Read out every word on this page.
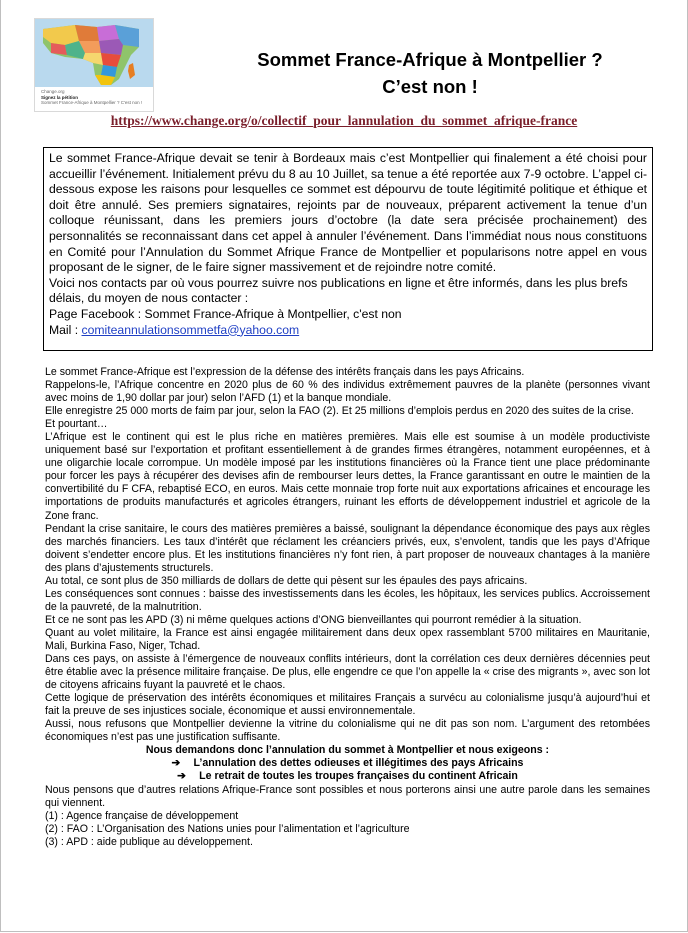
Change.org
Signez la pétition
Sommet France-Afrique à Montpellier ? C'est non !
Sommet France-Afrique à Montpellier ?
C’est non !
https://www.change.org/o/collectif_pour_lannulation_du_sommet_afrique-france

Le sommet France-Afrique devait se tenir à Bordeaux mais c’est Montpellier qui finalement a été choisi pour accueillir l’événement. Initialement prévu du 8 au 10 Juillet, sa tenue a été reportée aux 7-9 octobre. L’appel ci-dessous expose les raisons pour lesquelles ce sommet est dépourvu de toute légitimité politique et éthique et doit être annulé. Ses premiers signataires, rejoints par de nouveaux, préparent activement la tenue d’un colloque réunissant, dans les premiers jours d’octobre (la date sera précisée prochainement) des personnalités se reconnaissant dans cet appel à annuler l’événement. Dans l’immédiat nous nous constituons en Comité pour l’Annulation du Sommet Afrique France de Montpellier et popularisons notre appel en vous proposant de le signer, de le faire signer massivement et de rejoindre notre comité.

Voici nos contacts par où vous pourrez suivre nos publications en ligne et être informés, dans les plus brefs délais, du moyen de nous contacter :

Page Facebook : Sommet France-Afrique à Montpellier, c'est non

Mail : comiteannulationsommetfa@yahoo.com

Le sommet France-Afrique est l’expression de la défense des intérêts français dans les pays Africains.

Rappelons-le, l’Afrique concentre en 2020 plus de 60 % des individus extrêmement pauvres de la planète (personnes vivant avec moins de 1,90 dollar par jour) selon l’AFD (1) et la banque mondiale.

Elle enregistre 25 000 morts de faim par jour, selon la FAO (2). Et 25 millions d’emplois perdus en 2020 des suites de la crise.

Et pourtant…

L’Afrique est le continent qui est le plus riche en matières premières. Mais elle est soumise à un modèle productiviste uniquement basé sur l’exportation et profitant essentiellement à de grandes firmes étrangères, notamment européennes, et à une oligarchie locale corrompue. Un modèle imposé par les institutions financières où la France tient une place prédominante pour forcer les pays à récupérer des devises afin de rembourser leurs dettes, la France garantissant en outre le maintien de la convertibilité du F CFA, rebaptisé ECO, en euros. Mais cette monnaie trop forte nuit aux exportations africaines et encourage les importations de produits manufacturés et agricoles étrangers, ruinant les efforts de développement industriel et agricole de la Zone franc.

Pendant la crise sanitaire, le cours des matières premières a baissé, soulignant la dépendance économique des pays aux règles des marchés financiers. Les taux d’intérêt que réclament les créanciers privés, eux, s’envolent, tandis que les pays d’Afrique doivent s’endetter encore plus. Et les institutions financières n’y font rien, à part proposer de nouveaux chantages à la manière des plans d’ajustements structurels.

Au total, ce sont plus de 350 milliards de dollars de dette qui pèsent sur les épaules des pays africains.

Les conséquences sont connues : baisse des investissements dans les écoles, les hôpitaux, les services publics. Accroissement de la pauvreté, de la malnutrition.

Et ce ne sont pas les APD (3) ni même quelques actions d’ONG bienveillantes qui pourront remédier à la situation.

Quant au volet militaire, la France est ainsi engagée militairement dans deux opex rassemblant 5700 militaires en Mauritanie, Mali, Burkina Faso, Niger, Tchad.

Dans ces pays, on assiste à l’émergence de nouveaux conflits intérieurs, dont la corrélation ces deux dernières décennies peut être établie avec la présence militaire française. De plus, elle engendre ce que l’on appelle la « crise des migrants », avec son lot de citoyens africains fuyant la pauvreté et le chaos.

Cette logique de préservation des intérêts économiques et militaires Français a survécu au colonialisme jusqu’à aujourd’hui et fait la preuve de ses injustices sociale, économique et aussi environnementale.

Aussi, nous refusons que Montpellier devienne la vitrine du colonialisme qui ne dit pas son nom. L’argument des retombées économiques n’est pas une justification suffisante.

Nous demandons donc l’annulation du sommet à Montpellier et nous exigeons :

➔	L’annulation des dettes odieuses et illégitimes des pays Africains
➔	Le retrait de toutes les troupes françaises du continent Africain

Nous pensons que d’autres relations Afrique-France sont possibles et nous porterons ainsi une autre parole dans les semaines qui viennent.

(1) : Agence française de développement

(2) : FAO : L’Organisation des Nations unies pour l’alimentation et l’agriculture

(3) : APD : aide publique au développement.
